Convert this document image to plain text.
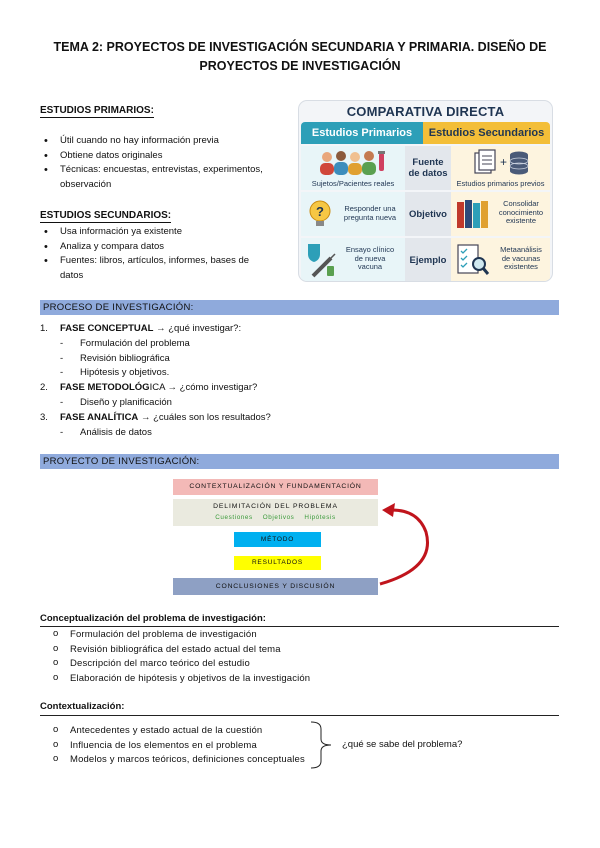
TEMA 2: PROYECTOS DE INVESTIGACIÓN SECUNDARIA Y PRIMARIA. DISEÑO DE
PROYECTOS DE INVESTIGACIÓN
ESTUDIOS PRIMARIOS:
• Útil cuando no hay información previa
• Obtiene datos originales
• Técnicas: encuestas, entrevistas, experimentos,
observación
ESTUDIOS SECUNDARIOS:
• Usa información ya existente
• Analiza y compara datos
• Fuentes: libros, artículos, informes, bases de
datos
COMPARATIVA DIRECTA
Estudios Primarios	Estudios Secundarios
Fuente
de datos
Sujetos/Pacientes reales
+
Estudios primarios previos
Objetivo
?	Responder una
pregunta nueva
Consolidar
conocimiento
existente
Ejemplo
Ensayo clínico
de nueva
vacuna
Metaanálisis
de vacunas
existentes
PROCESO DE INVESTIGACIÓN:
1. FASE CONCEPTUAL → ¿qué investigar?:
- Formulación del problema
- Revisión bibliográfica
- Hipótesis y objetivos.
2. FASE METODOLÓGICA → ¿cómo investigar?
- Diseño y planificación
3. FASE ANALÍTICA → ¿cuáles son los resultados?
- Análisis de datos
PROYECTO DE INVESTIGACIÓN:
CONTEXTUALIZACIÓN Y FUNDAMENTACIÓN
DELIMITACIÓN DEL PROBLEMA
Cuestiones Objetivos Hipótesis
MÉTODO
RESULTADOS
CONCLUSIONES Y DISCUSIÓN
Conceptualización del problema de investigación:
o Formulación del problema de investigación
o Revisión bibliográfica del estado actual del tema
o Descripción del marco teórico del estudio
o Elaboración de hipótesis y objetivos de la investigación
Contextualización:
o Antecedentes y estado actual de la cuestión
o Influencia de los elementos en el problema
o Modelos y marcos teóricos, definiciones conceptuales
¿qué se sabe del problema?
